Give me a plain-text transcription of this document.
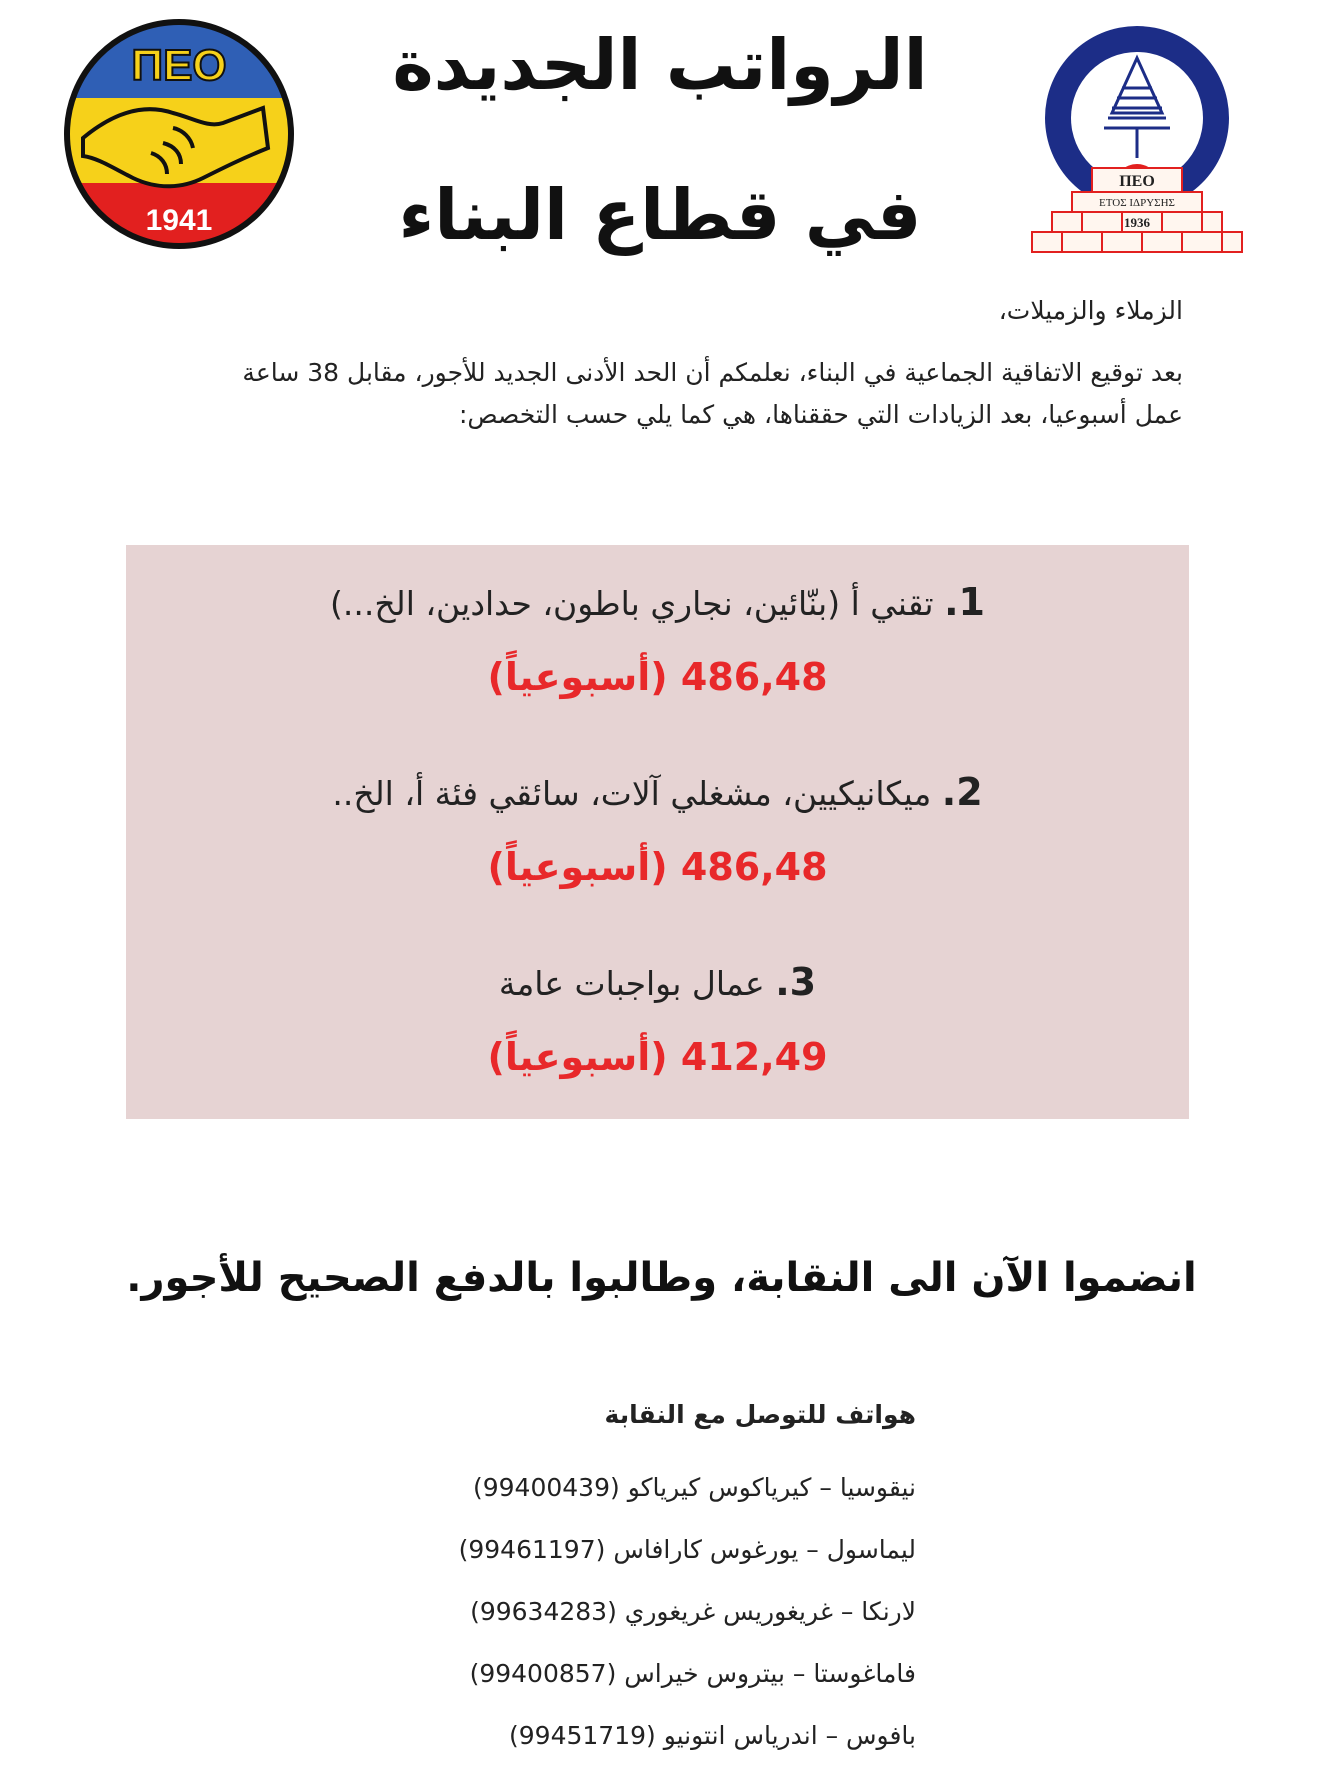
ΠΕΟ
1941
الرواتب الجديدة
في قطاع البناء	ΠΕΟ
ΕΤΟΣ ΙΔΡΥΣΗΣ
1936
الزملاء والزميلات،
بعد توقيع الاتفاقية الجماعية في البناء، نعلمكم أن الحد الأدنى الجديد للأجور، مقابل 38 ساعة
عمل أسبوعيا، بعد الزيادات التي حققناها، هي كما يلي حسب التخصص:
1. تقني أ (بنّائين، نجاري باطون، حدادين، الخ...)
486,48 (أسبوعياً)
2. ميكانيكيين، مشغلي آلات، سائقي فئة أ، الخ..
486,48 (أسبوعياً)
3. عمال بواجبات عامة
412,49 (أسبوعياً)
انضموا الآن الى النقابة، وطالبوا بالدفع الصحيح للأجور.
هواتف للتوصل مع النقابة
نيقوسيا – كيرياكوس كيرياكو (99400439)
ليماسول – يورغوس كارافاس (99461197)
لارنكا – غريغوريس غريغوري (99634283)
فاماغوستا – بيتروس خيراس (99400857)
بافوس – اندرياس انتونيو (99451719)
